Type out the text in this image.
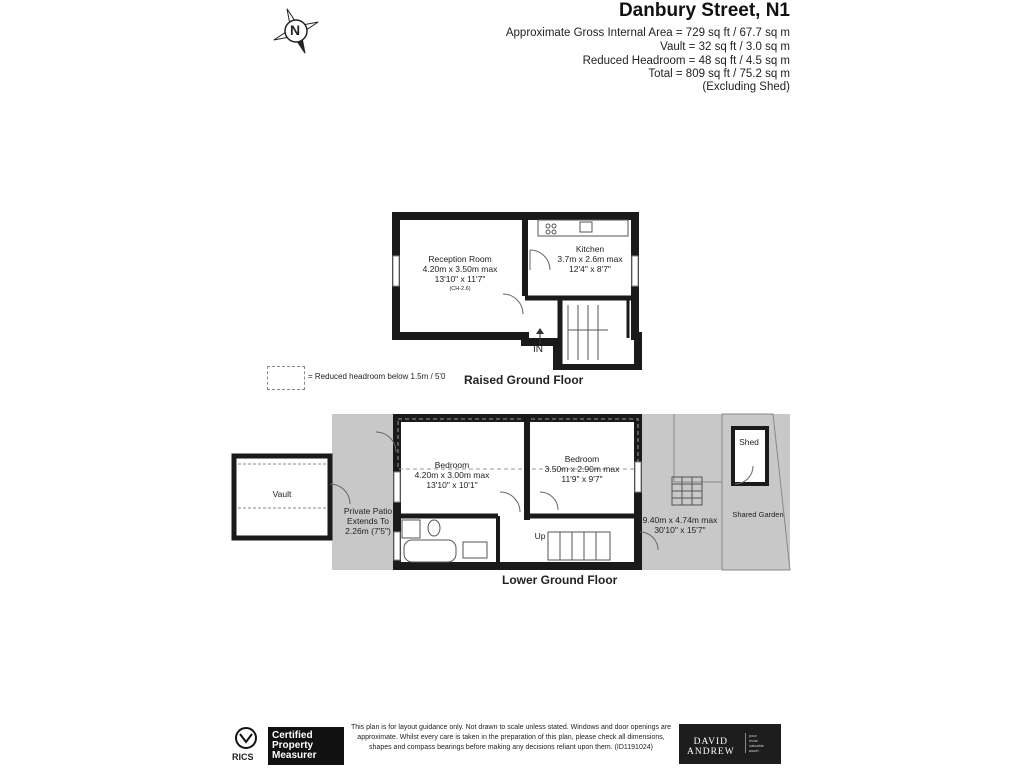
Danbury Street, N1
Approximate Gross Internal Area = 729 sq ft / 67.7 sq m
Vault = 32 sq ft / 3.0 sq m
Reduced Headroom = 48 sq ft / 4.5 sq m
Total = 809 sq ft / 75.2 sq m
(Excluding Shed)
N
Reception Room
4.20m x 3.50m max
13'10" x 11'7"
(CH-2.6)
Kitchen
3.7m x 2.6m max
12'4" x 8'7"
IN
= Reduced headroom below 1.5m / 5'0 Raised Ground Floor
Bedroom
4.20m x 3.00m max
13'10" x 10'1"
Bedroom
3.50m x 2.90m max
11'9" x 9'7"
Vault
Private Patio
Extends To
2.26m (7'5")
9.40m x 4.74m max
30'10" x 15'7"
Shared Garden
Shed
Up
Lower Ground Floor
RICS
Certified
Property
Measurer
This plan is for layout guidance only. Not drawn to scale unless stated. Windows and door openings are approximate. Whilst every care is taken in the preparation of this plan, please check all dimensions, shapes and compass bearings before making any decisions reliant upon them. (ID1191024)
DAVID
ANDREW
your
most
valuable
asset
